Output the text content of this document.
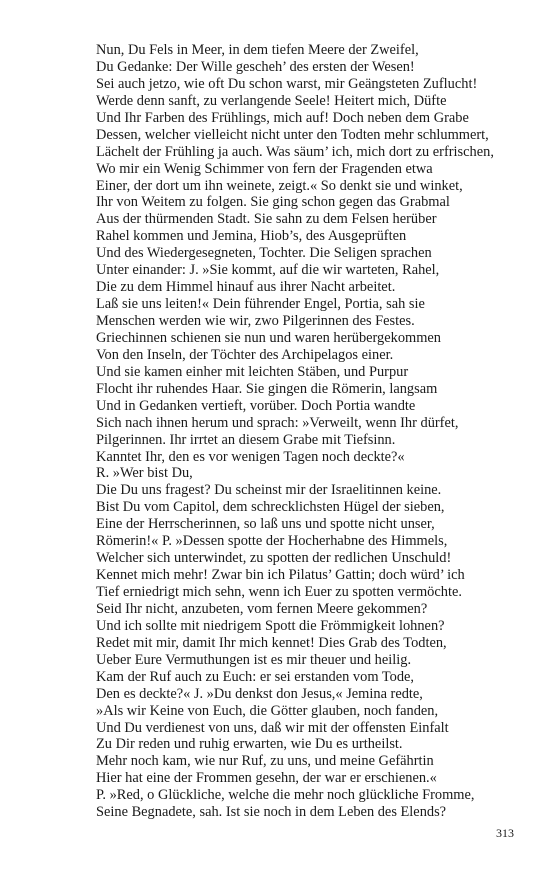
Nun, Du Fels in Meer, in dem tiefen Meere der Zweifel,
Du Gedanke: Der Wille gescheh’ des ersten der Wesen!
Sei auch jetzo, wie oft Du schon warst, mir Geängsteten Zuflucht!
Werde denn sanft, zu verlangende Seele! Heitert mich, Düfte
Und Ihr Farben des Frühlings, mich auf! Doch neben dem Grabe
Dessen, welcher vielleicht nicht unter den Todten mehr schlummert,
Lächelt der Frühling ja auch. Was säum’ ich, mich dort zu erfrischen,
Wo mir ein Wenig Schimmer von fern der Fragenden etwa
Einer, der dort um ihn weinete, zeigt.« So denkt sie und winket,
Ihr von Weitem zu folgen. Sie ging schon gegen das Grabmal
Aus der thürmenden Stadt. Sie sahn zu dem Felsen herüber
Rahel kommen und Jemina, Hiob’s, des Ausgeprüften
Und des Wiedergesegneten, Tochter. Die Seligen sprachen
Unter einander: J. »Sie kommt, auf die wir warteten, Rahel,
Die zu dem Himmel hinauf aus ihrer Nacht arbeitet.
Laß sie uns leiten!« Dein führender Engel, Portia, sah sie
Menschen werden wie wir, zwo Pilgerinnen des Festes.
Griechinnen schienen sie nun und waren herübergekommen
Von den Inseln, der Töchter des Archipelagos einer.
Und sie kamen einher mit leichten Stäben, und Purpur
Flocht ihr ruhendes Haar. Sie gingen die Römerin, langsam
Und in Gedanken vertieft, vorüber. Doch Portia wandte
Sich nach ihnen herum und sprach: »Verweilt, wenn Ihr dürfet,
Pilgerinnen. Ihr irrtet an diesem Grabe mit Tiefsinn.
Kanntet Ihr, den es vor wenigen Tagen noch deckte?«
R. »Wer bist Du,
Die Du uns fragest? Du scheinst mir der Israelitinnen keine.
Bist Du vom Capitol, dem schrecklichsten Hügel der sieben,
Eine der Herrscherinnen, so laß uns und spotte nicht unser,
Römerin!« P. »Dessen spotte der Hocherhabne des Himmels,
Welcher sich unterwindet, zu spotten der redlichen Unschuld!
Kennet mich mehr! Zwar bin ich Pilatus’ Gattin; doch würd’ ich
Tief erniedrigt mich sehn, wenn ich Euer zu spotten vermöchte.
Seid Ihr nicht, anzubeten, vom fernen Meere gekommen?
Und ich sollte mit niedrigem Spott die Frömmigkeit lohnen?
Redet mit mir, damit Ihr mich kennet! Dies Grab des Todten,
Ueber Eure Vermuthungen ist es mir theuer und heilig.
Kam der Ruf auch zu Euch: er sei erstanden vom Tode,
Den es deckte?« J. »Du denkst don Jesus,« Jemina redte,
»Als wir Keine von Euch, die Götter glauben, noch fanden,
Und Du verdienest von uns, daß wir mit der offensten Einfalt
Zu Dir reden und ruhig erwarten, wie Du es urtheilst.
Mehr noch kam, wie nur Ruf, zu uns, und meine Gefährtin
Hier hat eine der Frommen gesehn, der war er erschienen.«
P. »Red, o Glückliche, welche die mehr noch glückliche Fromme,
Seine Begnadete, sah. Ist sie noch in dem Leben des Elends?
313
